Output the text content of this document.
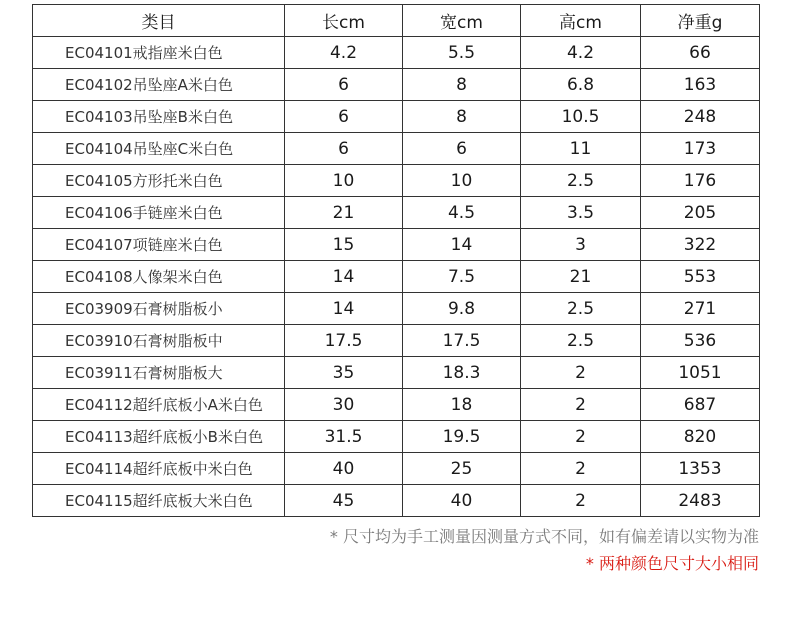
类目	长cm	宽cm	高cm	净重g
EC04101戒指座米白色	4.2	5.5	4.2	66
EC04102吊坠座A米白色	6	8	6.8	163
EC04103吊坠座B米白色	6	8	10.5	248
EC04104吊坠座C米白色	6	6	11	173
EC04105方形托米白色	10	10	2.5	176
EC04106手链座米白色	21	4.5	3.5	205
EC04107项链座米白色	15	14	3	322
EC04108人像架米白色	14	7.5	21	553
EC03909石膏树脂板小	14	9.8	2.5	271
EC03910石膏树脂板中	17.5	17.5	2.5	536
EC03911石膏树脂板大	35	18.3	2	1051
EC04112超纤底板小A米白色	30	18	2	687
EC04113超纤底板小B米白色	31.5	19.5	2	820
EC04114超纤底板中米白色	40	25	2	1353
EC04115超纤底板大米白色	45	40	2	2483
* 尺寸均为手工测量因测量方式不同，如有偏差请以实物为准
* 两种颜色尺寸大小相同
